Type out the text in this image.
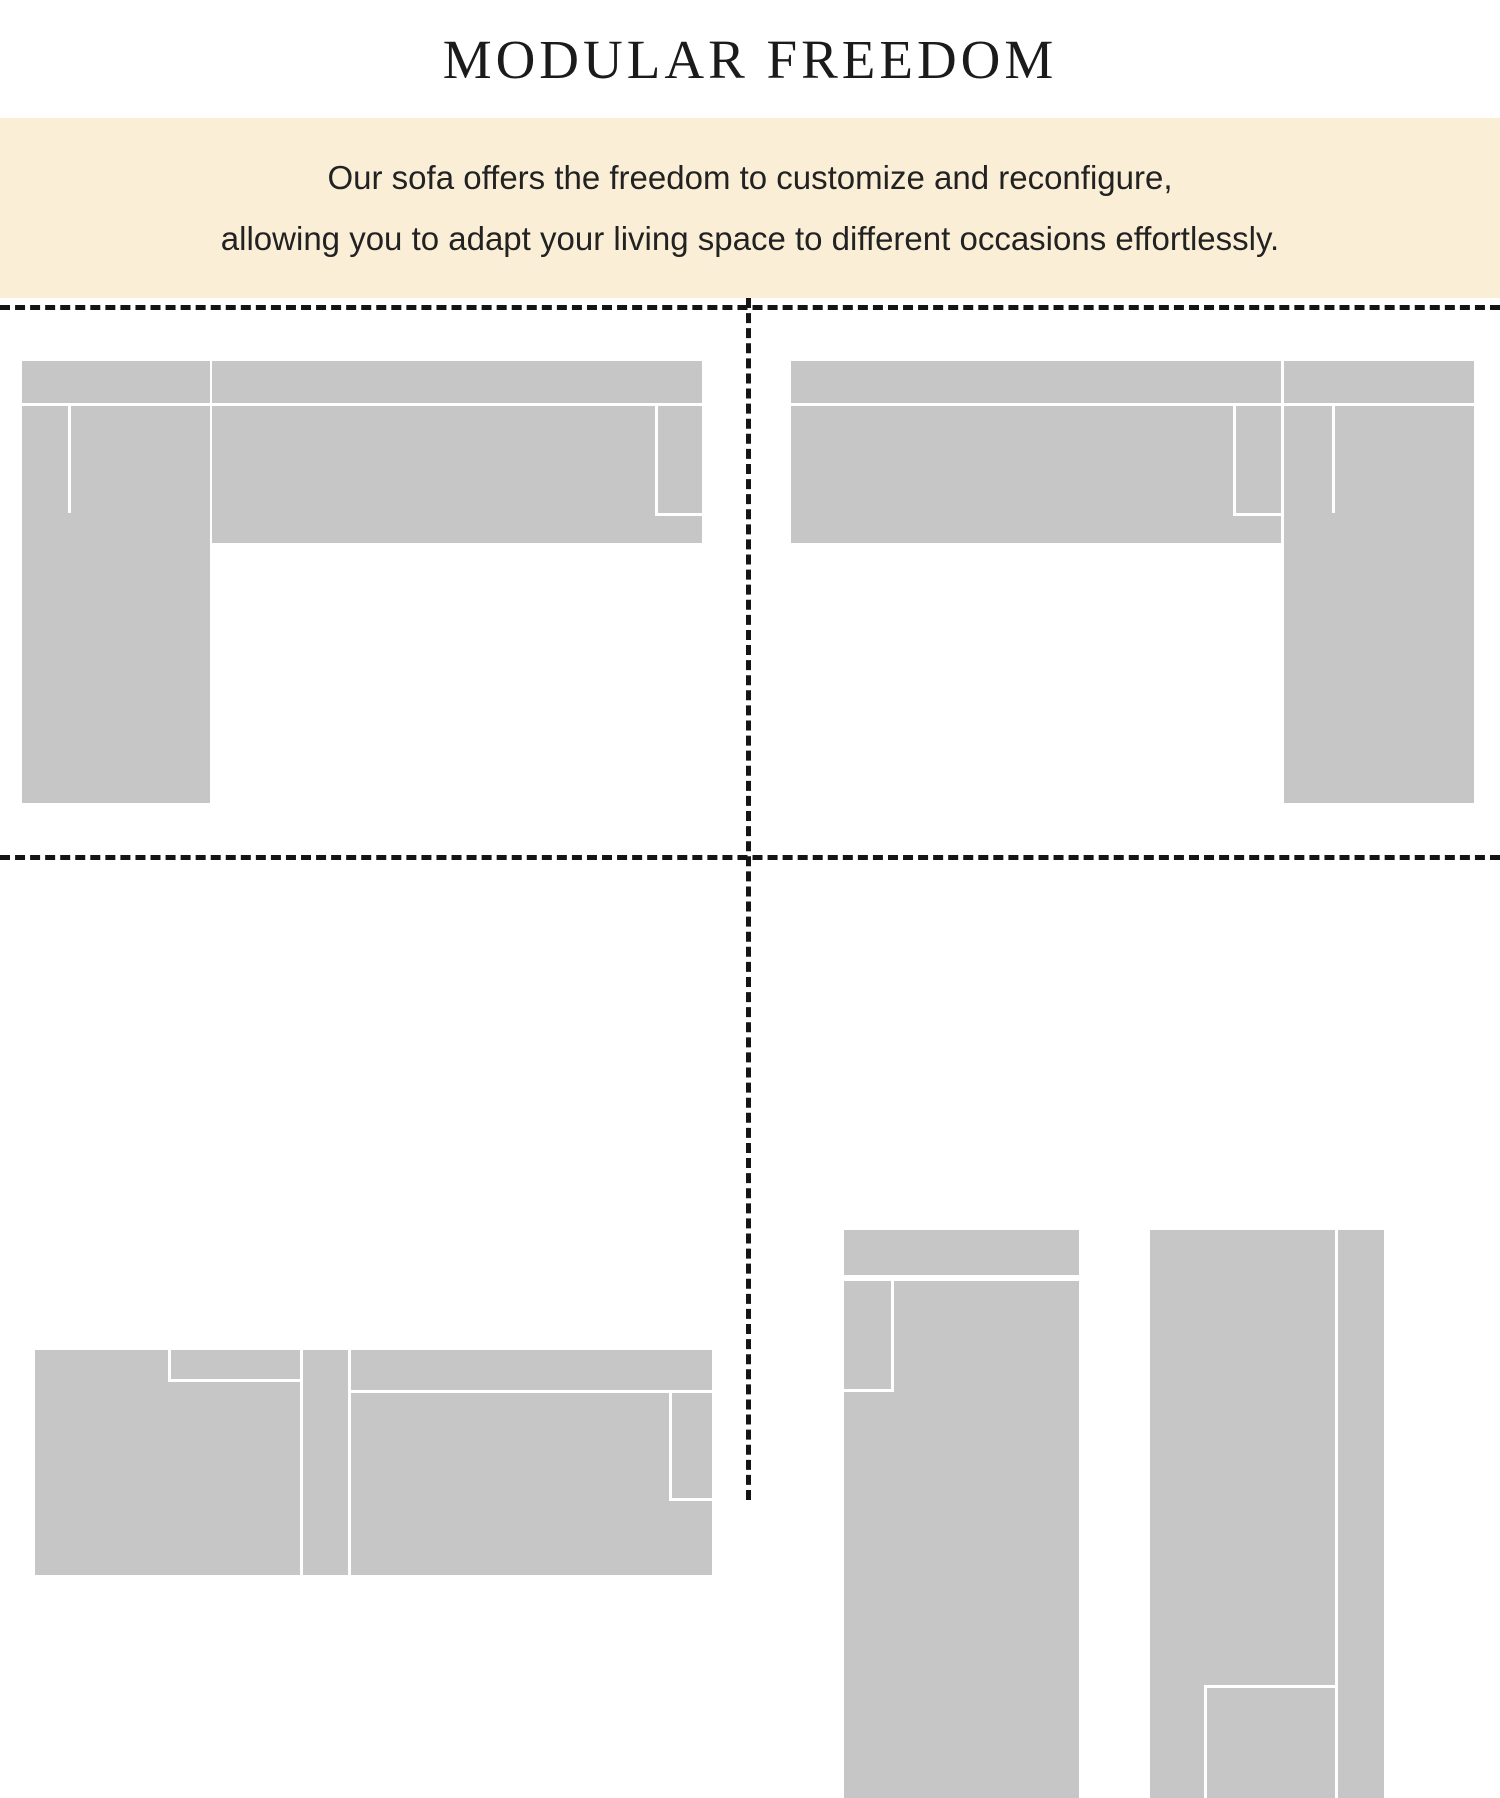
MODULAR FREEDOM
Our sofa offers the freedom to customize and reconfigure,
allowing you to adapt your living space to different occasions effortlessly.
